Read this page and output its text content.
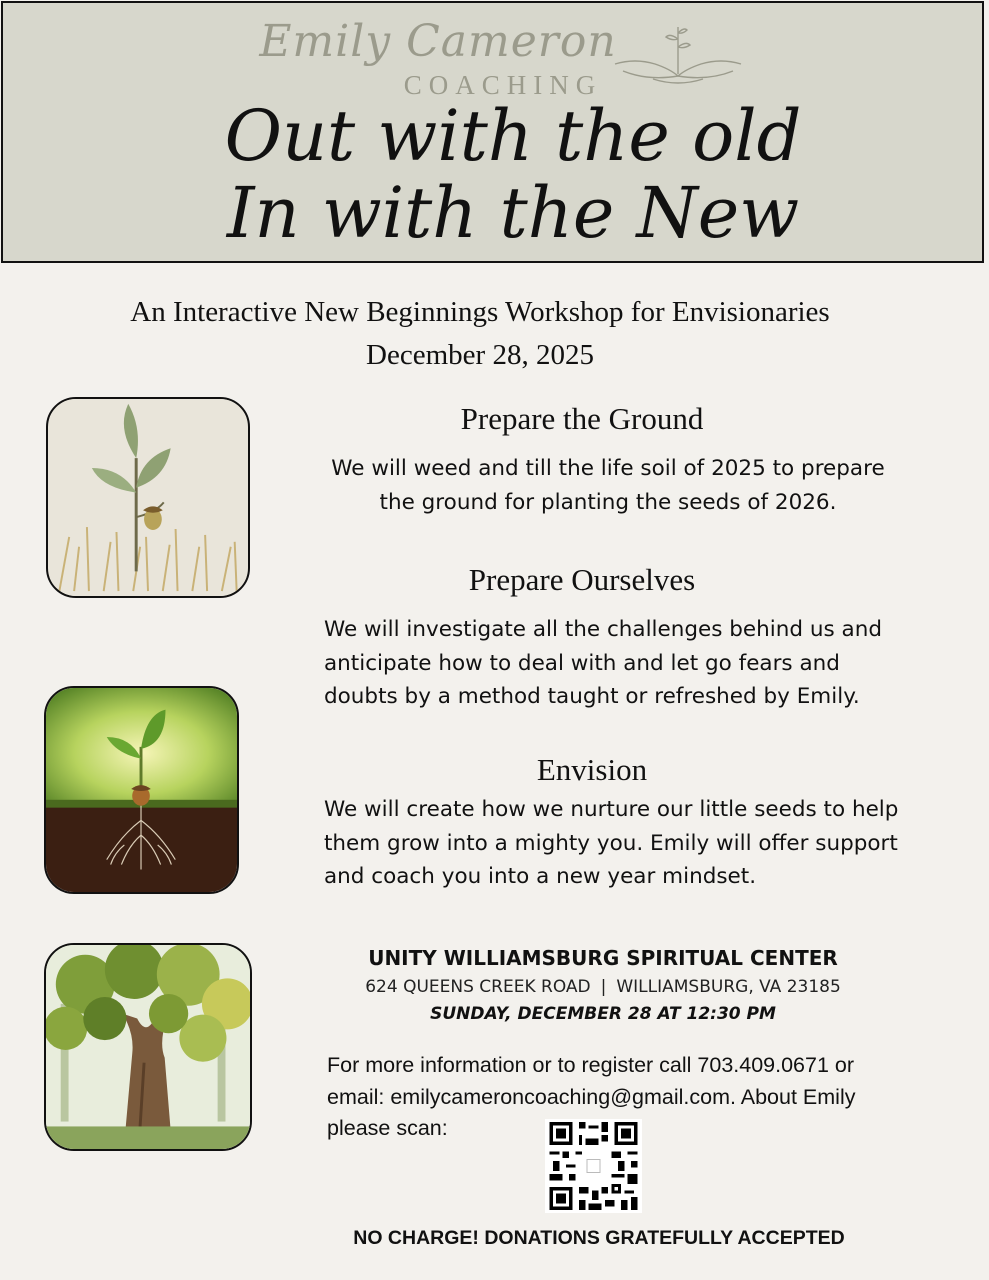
Emily Cameron
COACHING
Out with the old
In with the New
An Interactive New Beginnings Workshop for Envisionaries
December 28, 2025
Prepare the Ground
We will weed and till the life soil of 2025 to prepare the ground for planting the seeds of 2026.
Prepare Ourselves
We will investigate all the challenges behind us and anticipate how to deal with and let go fears and doubts by a method taught or refreshed by Emily.
Envision
We will create how we nurture our little seeds to help them grow into a mighty you. Emily will offer support and coach you into a new year mindset.
UNITY WILLIAMSBURG SPIRITUAL CENTER
624 QUEENS CREEK ROAD | WILLIAMSBURG, VA 23185
SUNDAY, DECEMBER 28 AT 12:30 PM
For more information or to register call 703.409.0671 or email: emilycameroncoaching@gmail.com. About Emily please scan:
NO CHARGE! DONATIONS GRATEFULLY ACCEPTED
